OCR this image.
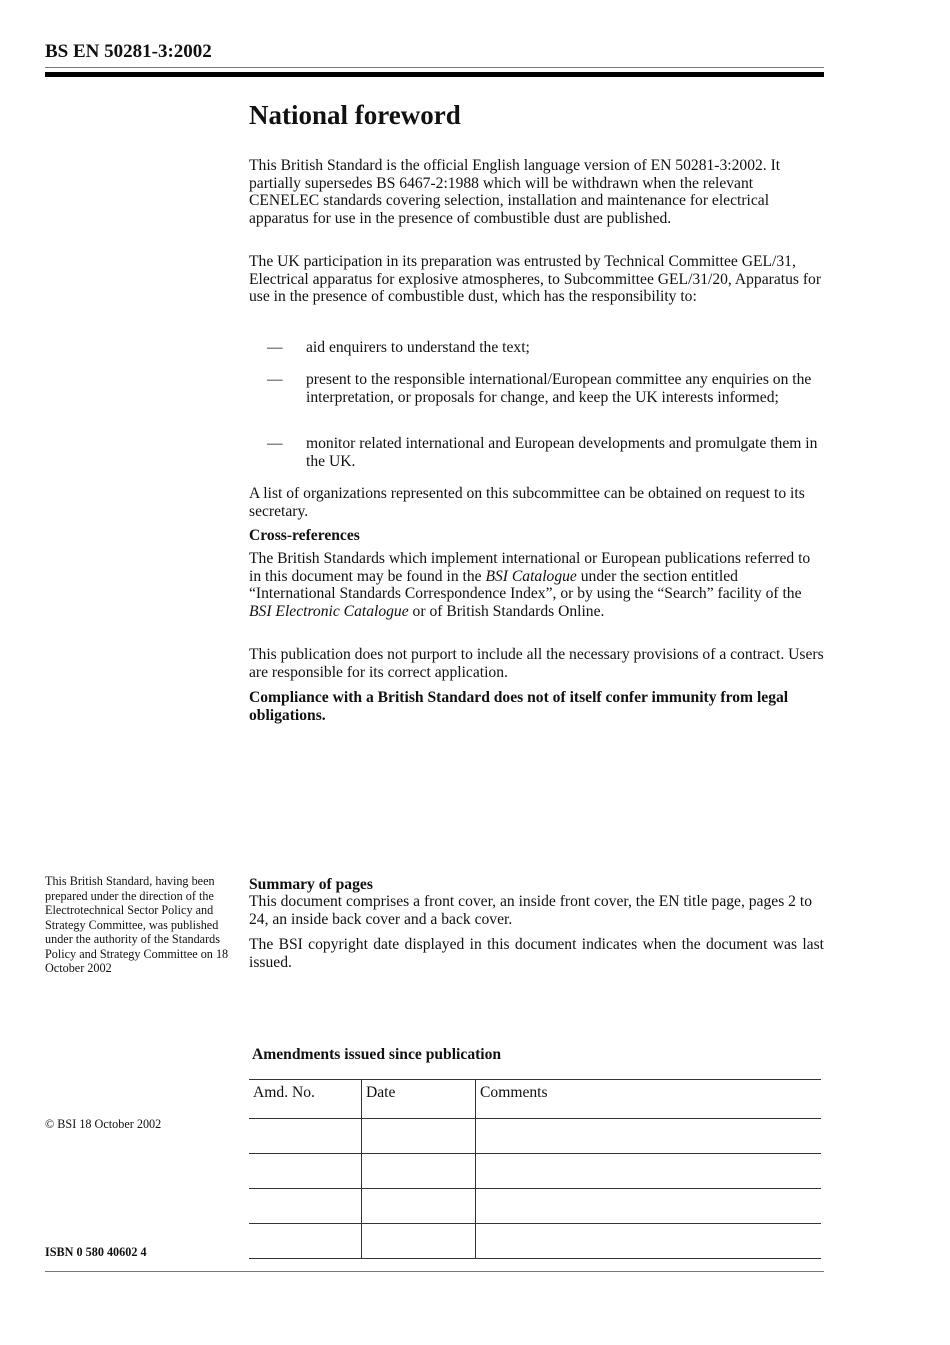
BS EN 50281-3:2002
National foreword

This British Standard is the official English language version of EN 50281-3:2002. It partially supersedes BS 6467-2:1988 which will be withdrawn when the relevant CENELEC standards covering selection, installation and maintenance for electrical apparatus for use in the presence of combustible dust are published.

The UK participation in its preparation was entrusted by Technical Committee GEL/31, Electrical apparatus for explosive atmospheres, to Subcommittee GEL/31/20, Apparatus for use in the presence of combustible dust, which has the responsibility to:

— aid enquirers to understand the text;
— present to the responsible international/European committee any enquiries on the interpretation, or proposals for change, and keep the UK interests informed;
— monitor related international and European developments and promulgate them in the UK.

A list of organizations represented on this subcommittee can be obtained on request to its secretary.

Cross-references

The British Standards which implement international or European publications referred to in this document may be found in the BSI Catalogue under the section entitled “International Standards Correspondence Index”, or by using the “Search” facility of the BSI Electronic Catalogue or of British Standards Online.

This publication does not purport to include all the necessary provisions of a contract. Users are responsible for its correct application.

Compliance with a British Standard does not of itself confer immunity from legal obligations.
This British Standard, having been prepared under the direction of the Electrotechnical Sector Policy and Strategy Committee, was published under the authority of the Standards Policy and Strategy Committee on 18 October 2002
Summary of pages

This document comprises a front cover, an inside front cover, the EN title page, pages 2 to 24, an inside back cover and a back cover.

The BSI copyright date displayed in this document indicates when the document was last issued.

Amendments issued since publication
Amd. No.	Date	Comments

© BSI 18 October 2002
ISBN 0 580 40602 4
